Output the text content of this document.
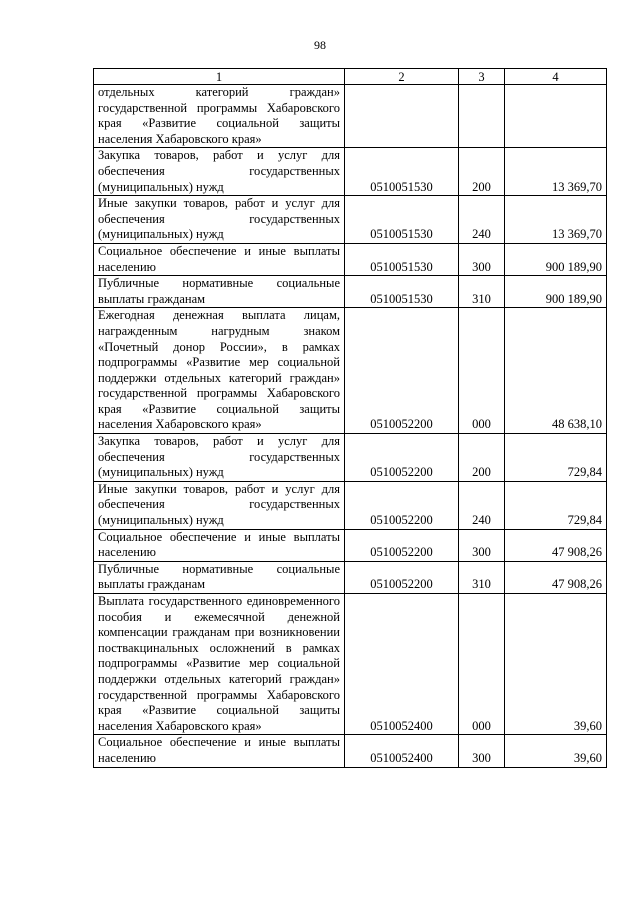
98
1	2	3	4
отдельных категорий граждан» государственной программы Хабаровского края «Развитие социальной защиты населения Хабаровского края»			
Закупка товаров, работ и услуг для обеспечения государственных (муниципальных) нужд	0510051530	200	13 369,70
Иные закупки товаров, работ и услуг для обеспечения государственных (муниципальных) нужд	0510051530	240	13 369,70
Социальное обеспечение и иные выплаты населению	0510051530	300	900 189,90
Публичные нормативные социальные выплаты гражданам	0510051530	310	900 189,90
Ежегодная денежная выплата лицам, награжденным нагрудным знаком «Почетный донор России», в рамках подпрограммы «Развитие мер социальной поддержки отдельных категорий граждан» государственной программы Хабаровского края «Развитие социальной защиты населения Хабаровского края»	0510052200	000	48 638,10
Закупка товаров, работ и услуг для обеспечения государственных (муниципальных) нужд	0510052200	200	729,84
Иные закупки товаров, работ и услуг для обеспечения государственных (муниципальных) нужд	0510052200	240	729,84
Социальное обеспечение и иные выплаты населению	0510052200	300	47 908,26
Публичные нормативные социальные выплаты гражданам	0510052200	310	47 908,26
Выплата государственного единовременного пособия и ежемесячной денежной компенсации гражданам при возникновении поствакцинальных осложнений в рамках подпрограммы «Развитие мер социальной поддержки отдельных категорий граждан» государственной программы Хабаровского края «Развитие социальной защиты населения Хабаровского края»	0510052400	000	39,60
Социальное обеспечение и иные выплаты населению	0510052400	300	39,60
